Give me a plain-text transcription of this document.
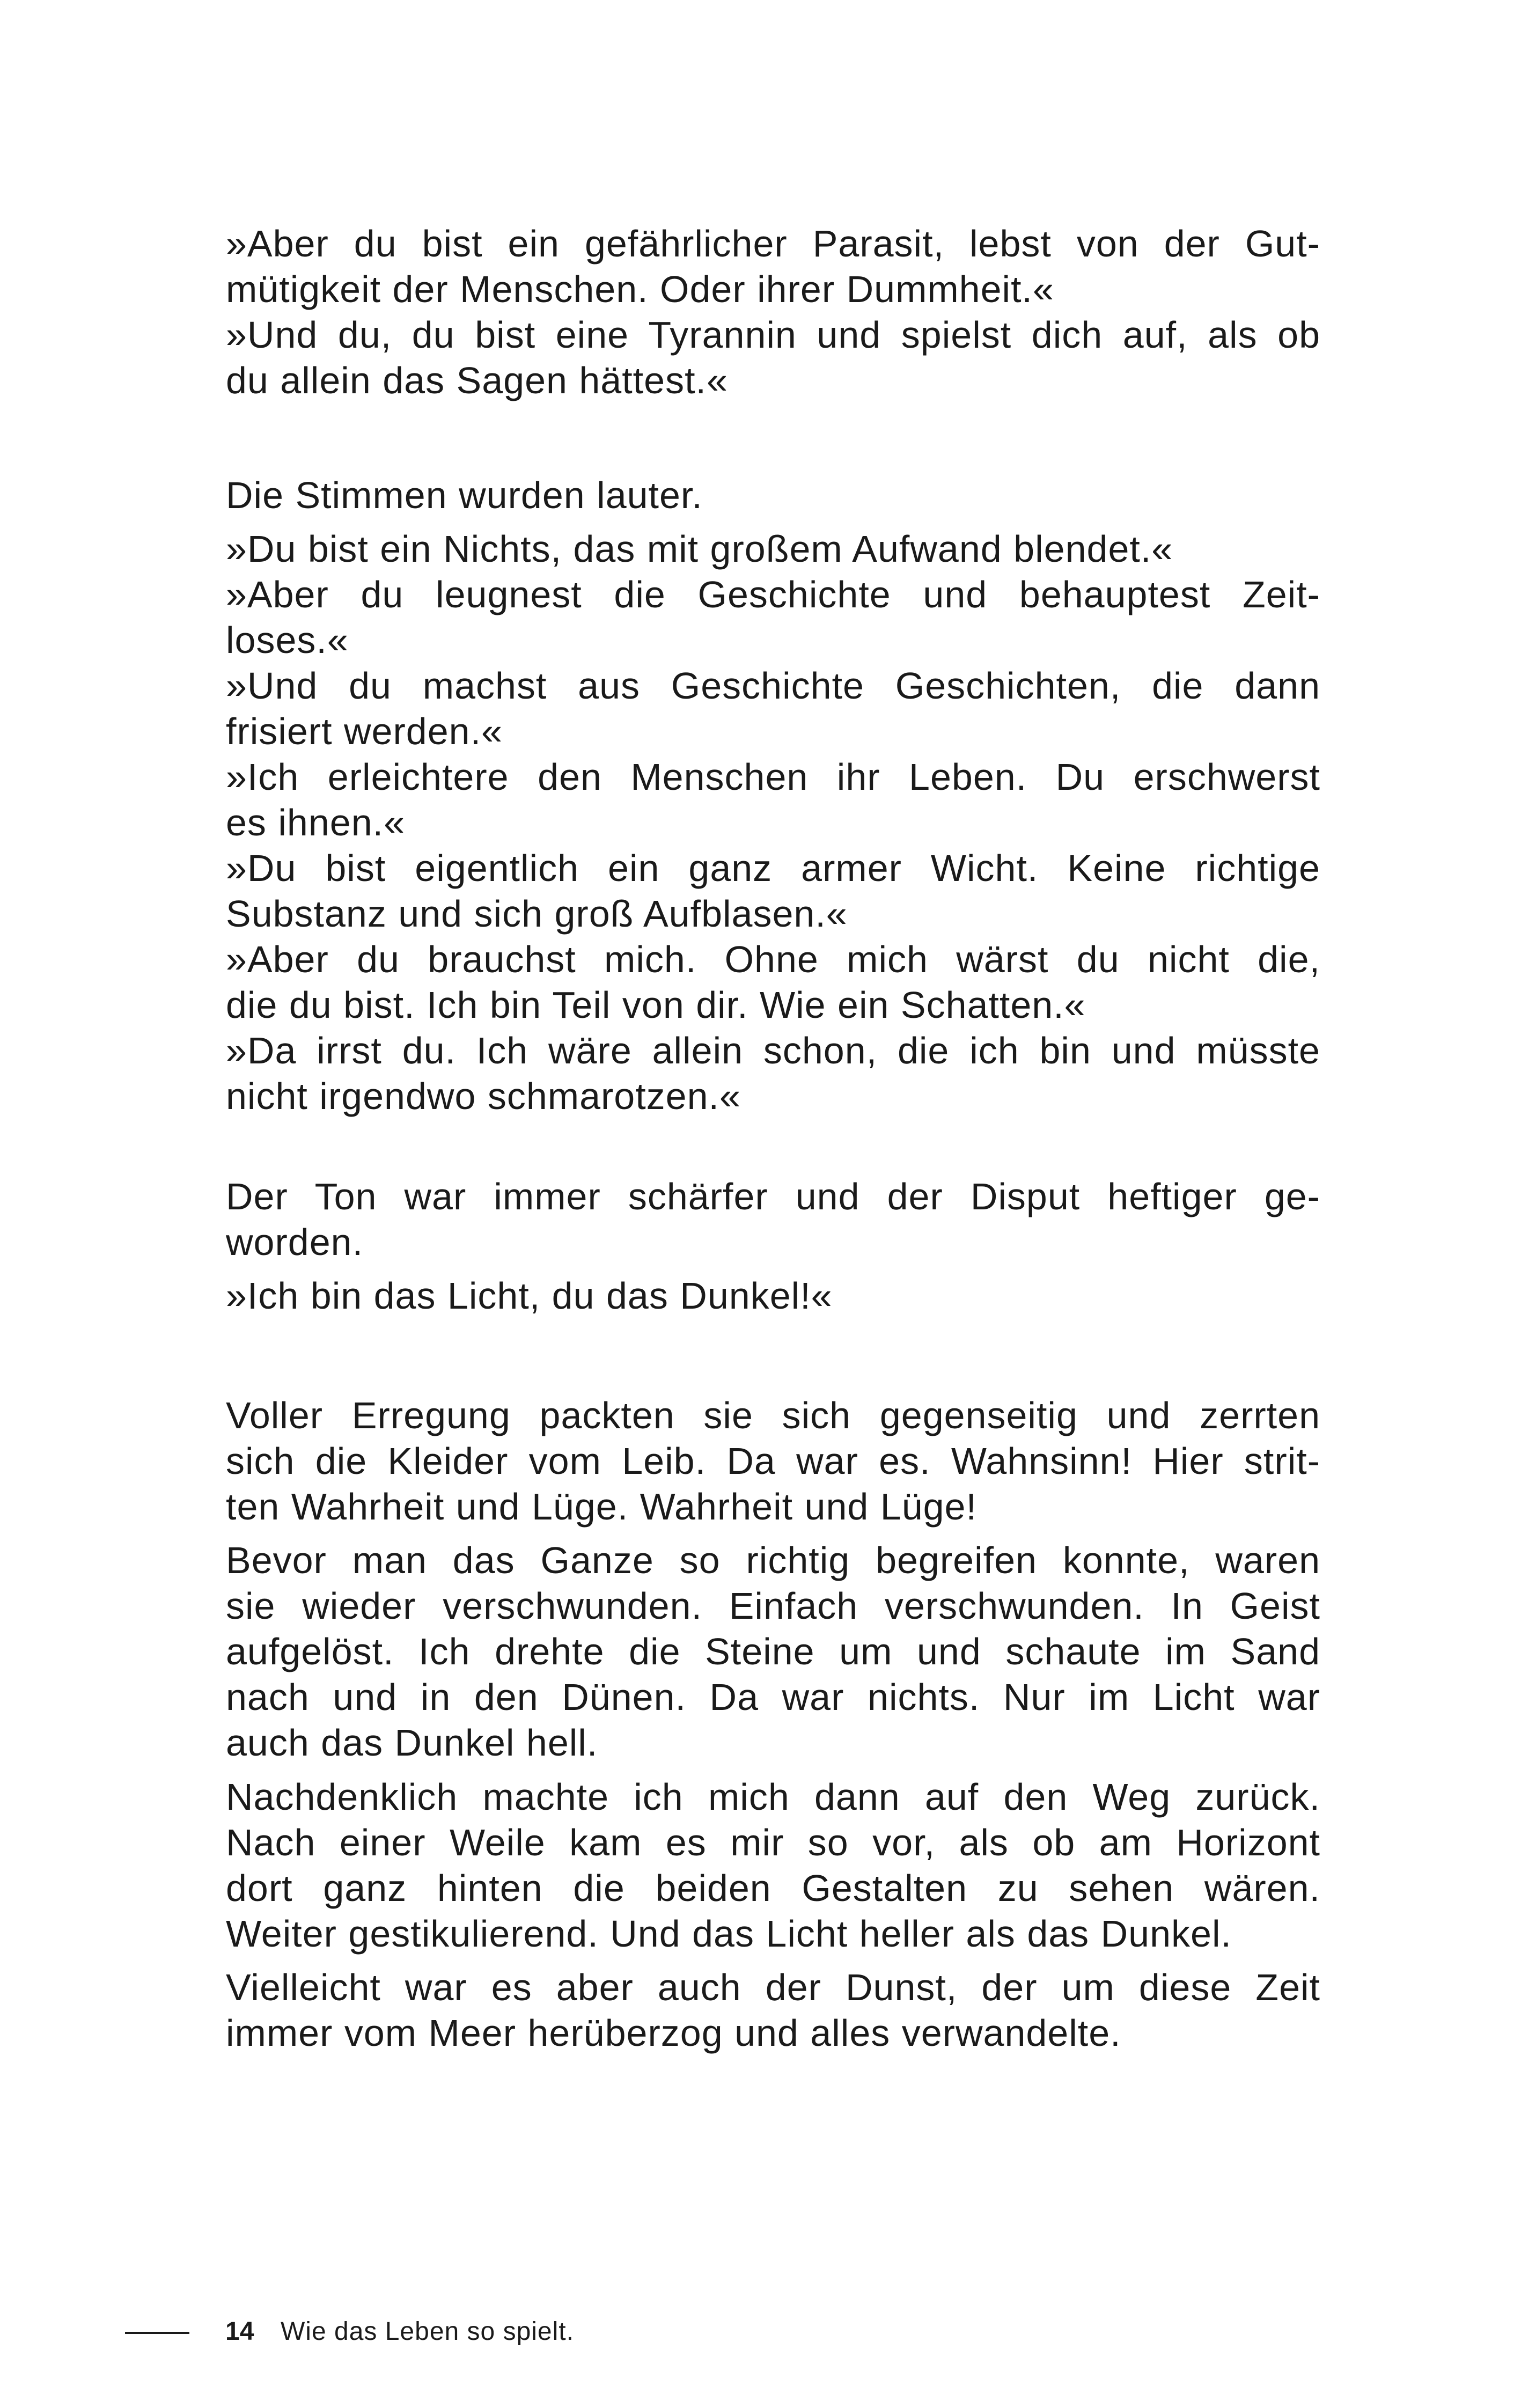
»Aber du bist ein gefährlicher Parasit, lebst von der Gut-
mütigkeit der Menschen. Oder ihrer Dummheit.«
»Und du, du bist eine Tyrannin und spielst dich auf, als ob
du allein das Sagen hättest.«
Die Stimmen wurden lauter.
»Du bist ein Nichts, das mit großem Aufwand blendet.«
»Aber du leugnest die Geschichte und behauptest Zeit-
loses.«
»Und du machst aus Geschichte Geschichten, die dann
frisiert werden.«
»Ich erleichtere den Menschen ihr Leben. Du erschwerst
es ihnen.«
»Du bist eigentlich ein ganz armer Wicht. Keine richtige
Substanz und sich groß Aufblasen.«
»Aber du brauchst mich. Ohne mich wärst du nicht die,
die du bist. Ich bin Teil von dir. Wie ein Schatten.«
»Da irrst du. Ich wäre allein schon, die ich bin und müsste
nicht irgendwo schmarotzen.«
Der Ton war immer schärfer und der Disput heftiger ge-
worden.
»Ich bin das Licht, du das Dunkel!«
Voller Erregung packten sie sich gegenseitig und zerrten
sich die Kleider vom Leib. Da war es. Wahnsinn! Hier strit-
ten Wahrheit und Lüge. Wahrheit und Lüge!
Bevor man das Ganze so richtig begreifen konnte, waren
sie wieder verschwunden. Einfach verschwunden. In Geist
aufgelöst. Ich drehte die Steine um und schaute im Sand
nach und in den Dünen. Da war nichts. Nur im Licht war
auch das Dunkel hell.
Nachdenklich machte ich mich dann auf den Weg zurück.
Nach einer Weile kam es mir so vor, als ob am Horizont
dort ganz hinten die beiden Gestalten zu sehen wären.
Weiter gestikulierend. Und das Licht heller als das Dunkel.
Vielleicht war es aber auch der Dunst, der um diese Zeit
immer vom Meer herüberzog und alles verwandelte.
14 Wie das Leben so spielt.
